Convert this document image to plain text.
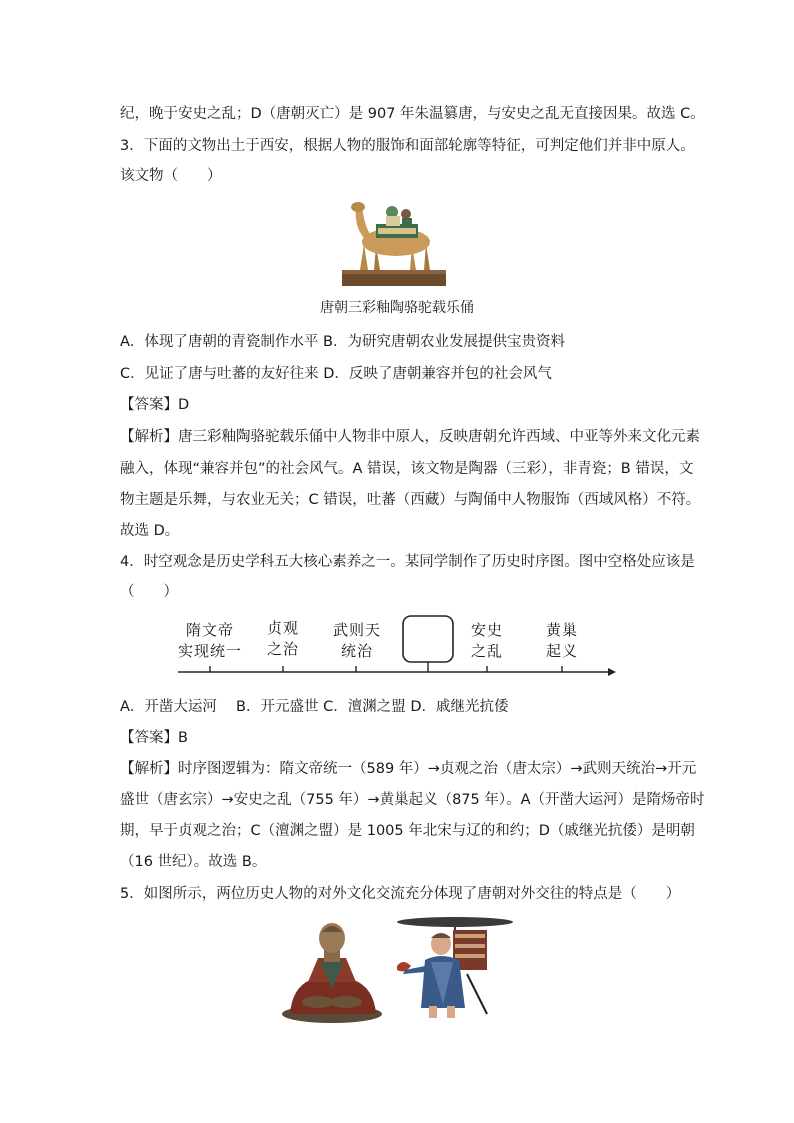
纪，晚于安史之乱；D（唐朝灭亡）是 907 年朱温篡唐，与安史之乱无直接因果。故选 C。
3．下面的文物出土于西安，根据人物的服饰和面部轮廓等特征，可判定他们并非中原人。
该文物（　　）
唐朝三彩釉陶骆驼载乐俑
A．体现了唐朝的青瓷制作水平 B．为研究唐朝农业发展提供宝贵资料
C．见证了唐与吐蕃的友好往来 D．反映了唐朝兼容并包的社会风气
【答案】D
【解析】唐三彩釉陶骆驼载乐俑中人物非中原人，反映唐朝允许西域、中亚等外来文化元素
融入，体现“兼容并包”的社会风气。A 错误，该文物是陶器（三彩），非青瓷；B 错误，文
物主题是乐舞，与农业无关；C 错误，吐蕃（西藏）与陶俑中人物服饰（西域风格）不符。
故选 D。
4．时空观念是历史学科五大核心素养之一。某同学制作了历史时序图。图中空格处应该是
（　　）
隋文帝
实现统一
贞观
之治
武则天
统治
安史
之乱
黄巢
起义
A．开凿大运河　 B．开元盛世 C．澶渊之盟 D．戚继光抗倭
【答案】B
【解析】时序图逻辑为：隋文帝统一（589 年）→贞观之治（唐太宗）→武则天统治→开元
盛世（唐玄宗）→安史之乱（755 年）→黄巢起义（875 年）。A（开凿大运河）是隋炀帝时
期，早于贞观之治；C（澶渊之盟）是 1005 年北宋与辽的和约；D（戚继光抗倭）是明朝
（16 世纪）。故选 B。
5．如图所示，两位历史人物的对外文化交流充分体现了唐朝对外交往的特点是（　　）
